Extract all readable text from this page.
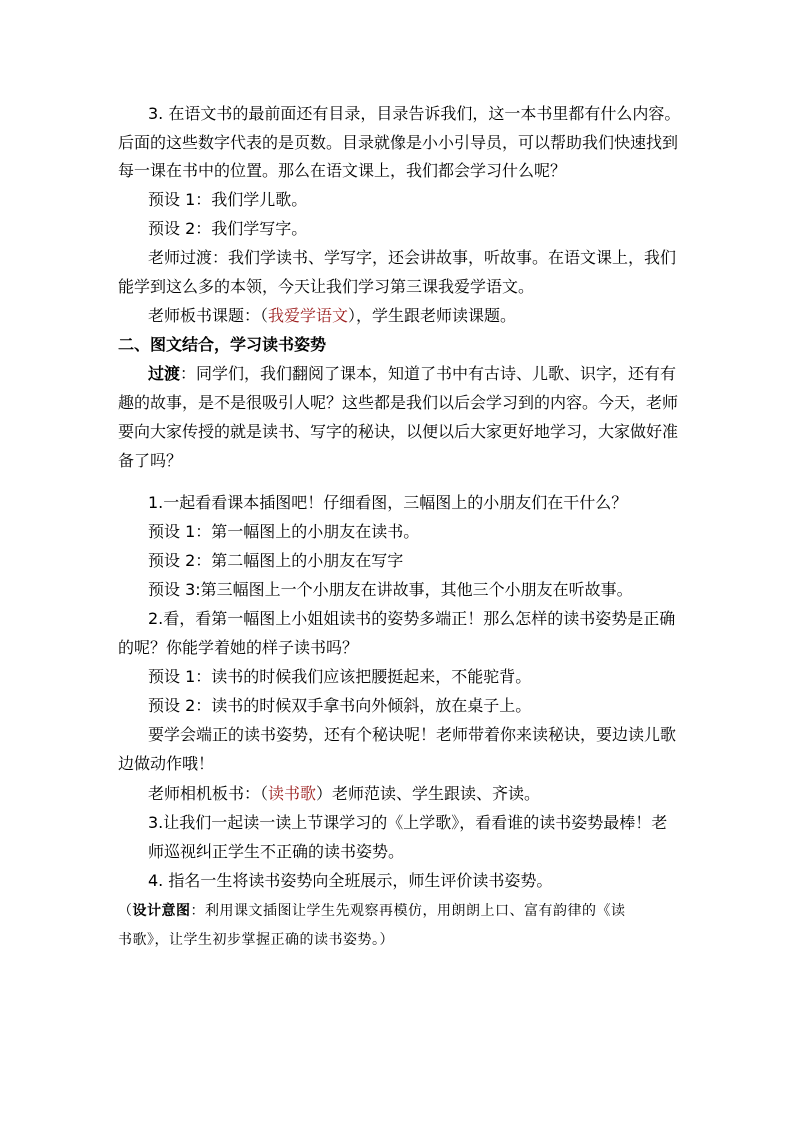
3. 在语文书的最前面还有目录，目录告诉我们，这一本书里都有什么内容。
后面的这些数字代表的是页数。目录就像是小小引导员，可以帮助我们快速找到
每一课在书中的位置。那么在语文课上，我们都会学习什么呢？
预设 1：我们学儿歌。
预设 2：我们学写字。
老师过渡：我们学读书、学写字，还会讲故事，听故事。在语文课上，我们
能学到这么多的本领，今天让我们学习第三课我爱学语文。
老师板书课题：（我爱学语文），学生跟老师读课题。
二、图文结合，学习读书姿势
过渡：同学们，我们翻阅了课本，知道了书中有古诗、儿歌、识字，还有有
趣的故事，是不是很吸引人呢？这些都是我们以后会学习到的内容。今天，老师
要向大家传授的就是读书、写字的秘诀，以便以后大家更好地学习，大家做好准
备了吗？
1.一起看看课本插图吧！仔细看图，三幅图上的小朋友们在干什么？
预设 1：第一幅图上的小朋友在读书。
预设 2：第二幅图上的小朋友在写字
预设 3:第三幅图上一个小朋友在讲故事，其他三个小朋友在听故事。
2.看，看第一幅图上小姐姐读书的姿势多端正！那么怎样的读书姿势是正确
的呢？你能学着她的样子读书吗？
预设 1：读书的时候我们应该把腰挺起来，不能驼背。
预设 2：读书的时候双手拿书向外倾斜，放在桌子上。
要学会端正的读书姿势，还有个秘诀呢！老师带着你来读秘诀，要边读儿歌
边做动作哦！
老师相机板书：（读书歌）老师范读、学生跟读、齐读。
3.让我们一起读一读上节课学习的《上学歌》，看看谁的读书姿势最棒！老
师巡视纠正学生不正确的读书姿势。
4. 指名一生将读书姿势向全班展示，师生评价读书姿势。
（设计意图：利用课文插图让学生先观察再模仿，用朗朗上口、富有韵律的《读
书歌》，让学生初步掌握正确的读书姿势。）
